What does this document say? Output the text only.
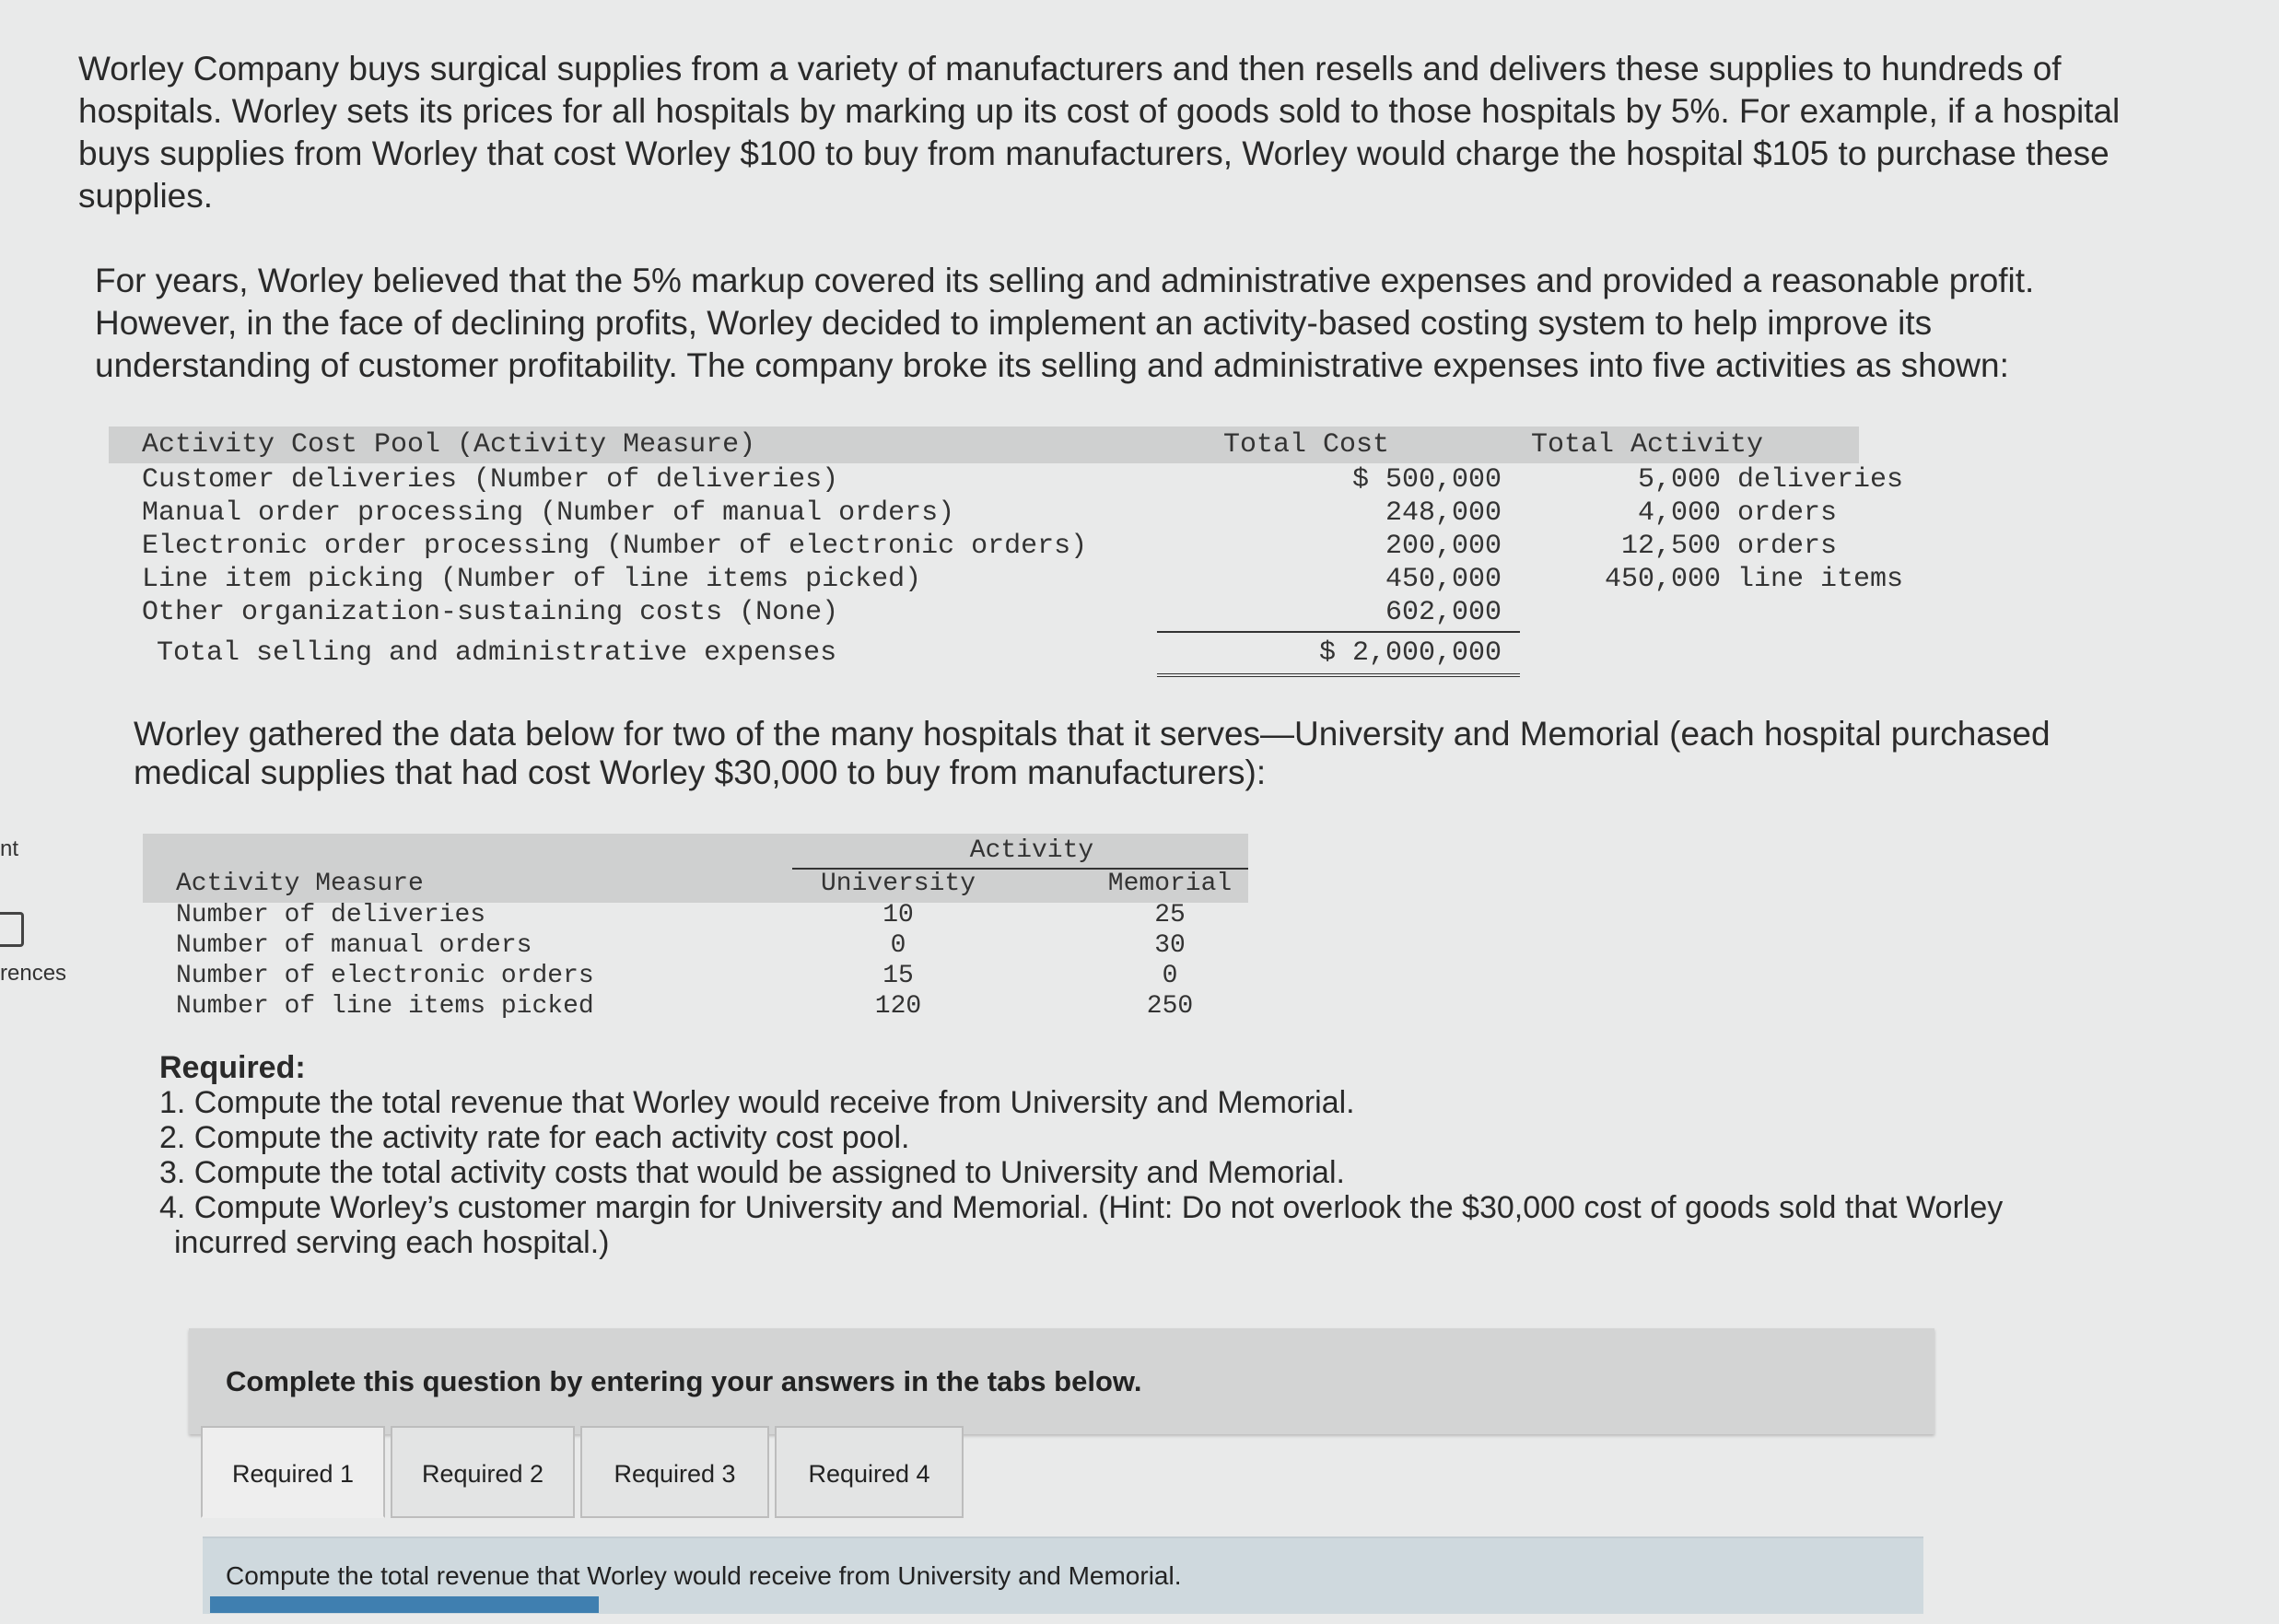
nt
rences

Worley Company buys surgical supplies from a variety of manufacturers and then resells and delivers these supplies to hundreds of

hospitals. Worley sets its prices for all hospitals by marking up its cost of goods sold to those hospitals by 5%. For example, if a hospital

buys supplies from Worley that cost Worley $100 to buy from manufacturers, Worley would charge the hospital $105 to purchase these

supplies.

For years, Worley believed that the 5% markup covered its selling and administrative expenses and provided a reasonable profit.

However, in the face of declining profits, Worley decided to implement an activity-based costing system to help improve its

understanding of customer profitability. The company broke its selling and administrative expenses into five activities as shown:

Activity Cost Pool (Activity Measure)	Total Cost	Total Activity
Customer deliveries (Number of deliveries)	$ 500,000	5,000 deliveries
Manual order processing (Number of manual orders)	248,000	4,000 orders
Electronic order processing (Number of electronic orders)	200,000	12,500 orders
Line item picking (Number of line items picked)	450,000	450,000 line items
Other organization-sustaining costs (None)	602,000
Total selling and administrative expenses	$ 2,000,000

Worley gathered the data below for two of the many hospitals that it serves—University and Memorial (each hospital purchased

medical supplies that had cost Worley $30,000 to buy from manufacturers):

Activity
Activity Measure	University	Memorial
Number of deliveries	10	25
Number of manual orders	0	30
Number of electronic orders	15	0
Number of line items picked	120	250
Required:
1. Compute the total revenue that Worley would receive from University and Memorial.
2. Compute the activity rate for each activity cost pool.
3. Compute the total activity costs that would be assigned to University and Memorial.
4. Compute Worley’s customer margin for University and Memorial. (Hint: Do not overlook the $30,000 cost of goods sold that Worley
incurred serving each hospital.)
Complete this question by entering your answers in the tabs below.
Required 1	Required 2	Required 3	Required 4
Compute the total revenue that Worley would receive from University and Memorial.
